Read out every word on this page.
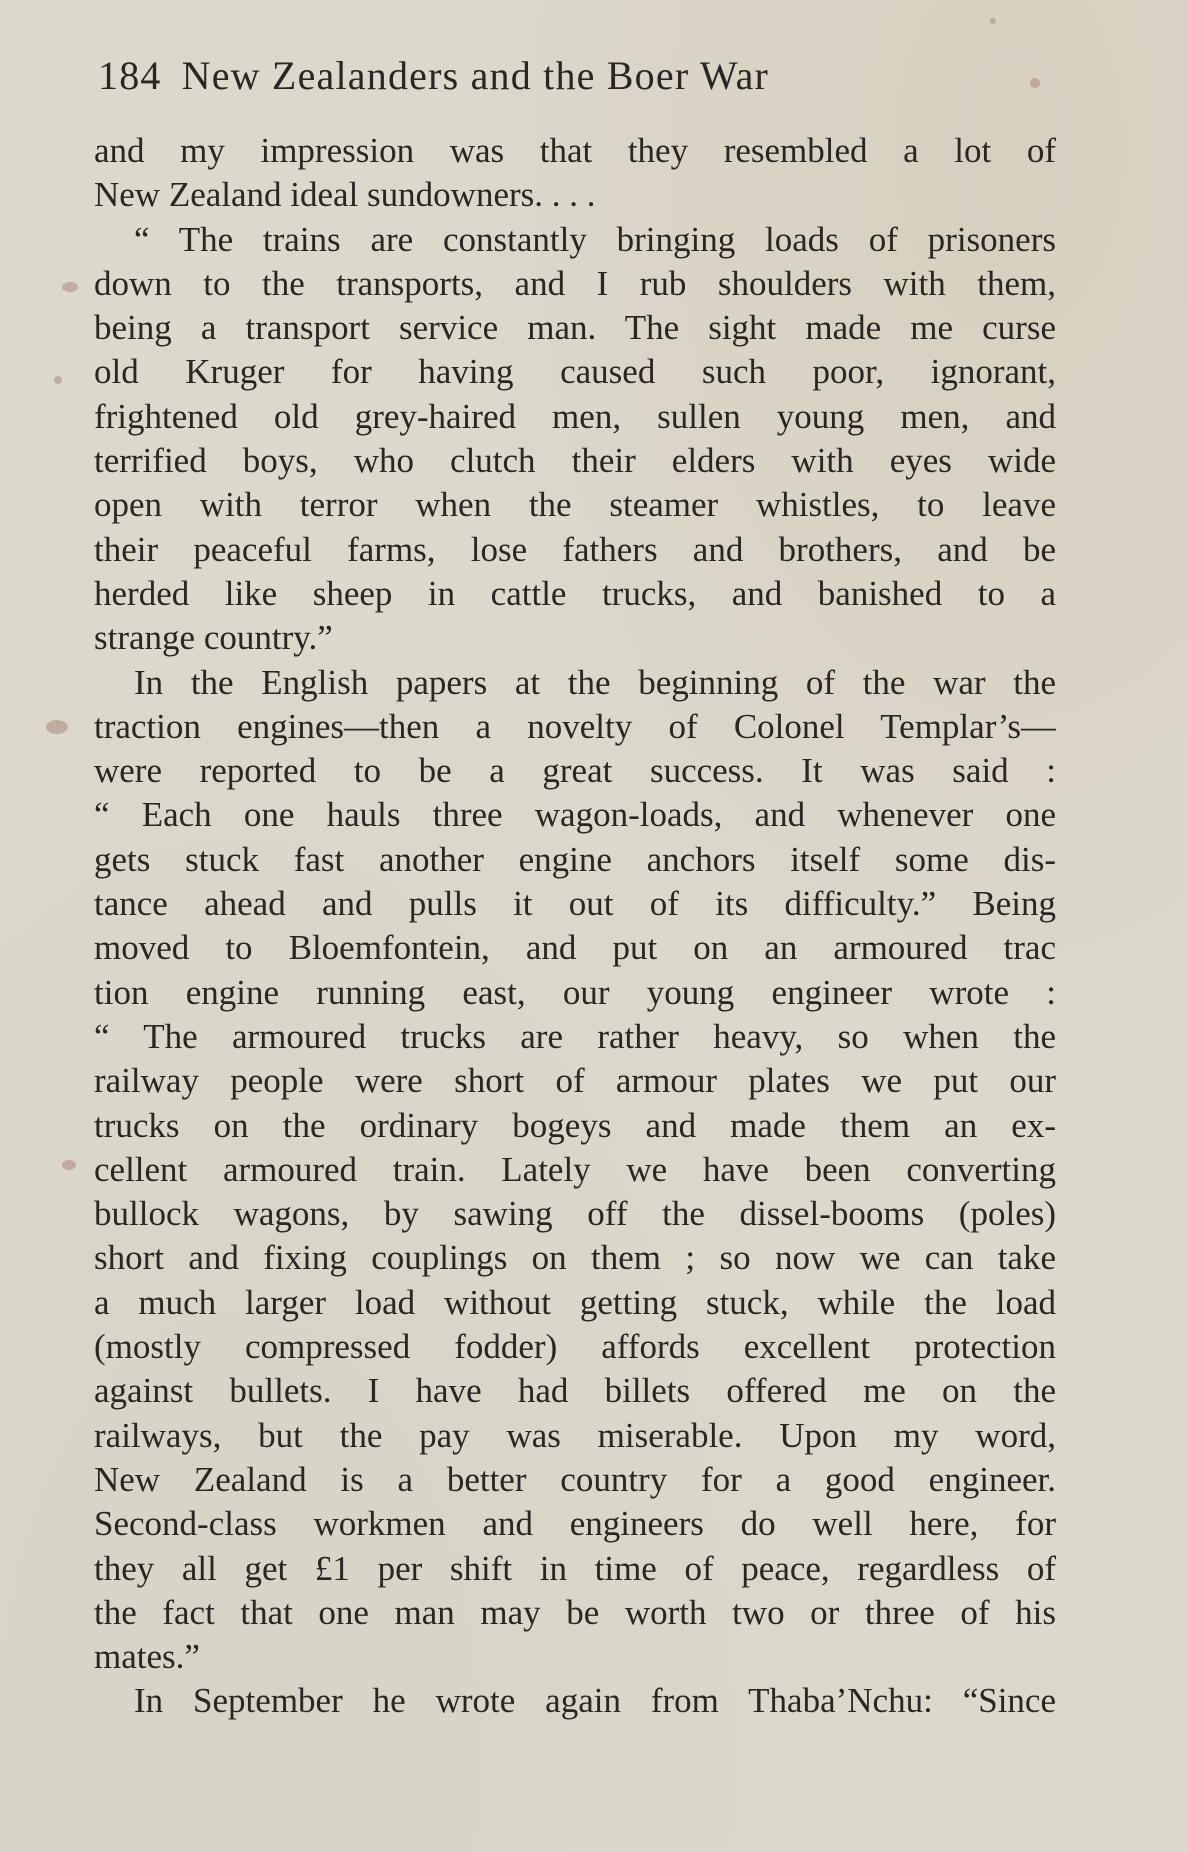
184 New Zealanders and the Boer War
and my impression was that they resembled a lot of
New Zealand ideal sundowners. . . .
“ The trains are constantly bringing loads of prisoners
down to the transports, and I rub shoulders with them,
being a transport service man. The sight made me curse
old Kruger for having caused such poor, ignorant,
frightened old grey-haired men, sullen young men, and
terrified boys, who clutch their elders with eyes wide
open with terror when the steamer whistles, to leave
their peaceful farms, lose fathers and brothers, and be
herded like sheep in cattle trucks, and banished to a
strange country.”
In the English papers at the beginning of the war the
traction engines—then a novelty of Colonel Templar’s—
were reported to be a great success. It was said :
“ Each one hauls three wagon-loads, and whenever one
gets stuck fast another engine anchors itself some dis-
tance ahead and pulls it out of its difficulty.” Being
moved to Bloemfontein, and put on an armoured trac
tion engine running east, our young engineer wrote :
“ The armoured trucks are rather heavy, so when the
railway people were short of armour plates we put our
trucks on the ordinary bogeys and made them an ex-
cellent armoured train. Lately we have been converting
bullock wagons, by sawing off the dissel-booms (poles)
short and fixing couplings on them ; so now we can take
a much larger load without getting stuck, while the load
(mostly compressed fodder) affords excellent protection
against bullets. I have had billets offered me on the
railways, but the pay was miserable. Upon my word,
New Zealand is a better country for a good engineer.
Second-class workmen and engineers do well here, for
they all get £1 per shift in time of peace, regardless of
the fact that one man may be worth two or three of his
mates.”
In September he wrote again from Thaba’Nchu: “Since
